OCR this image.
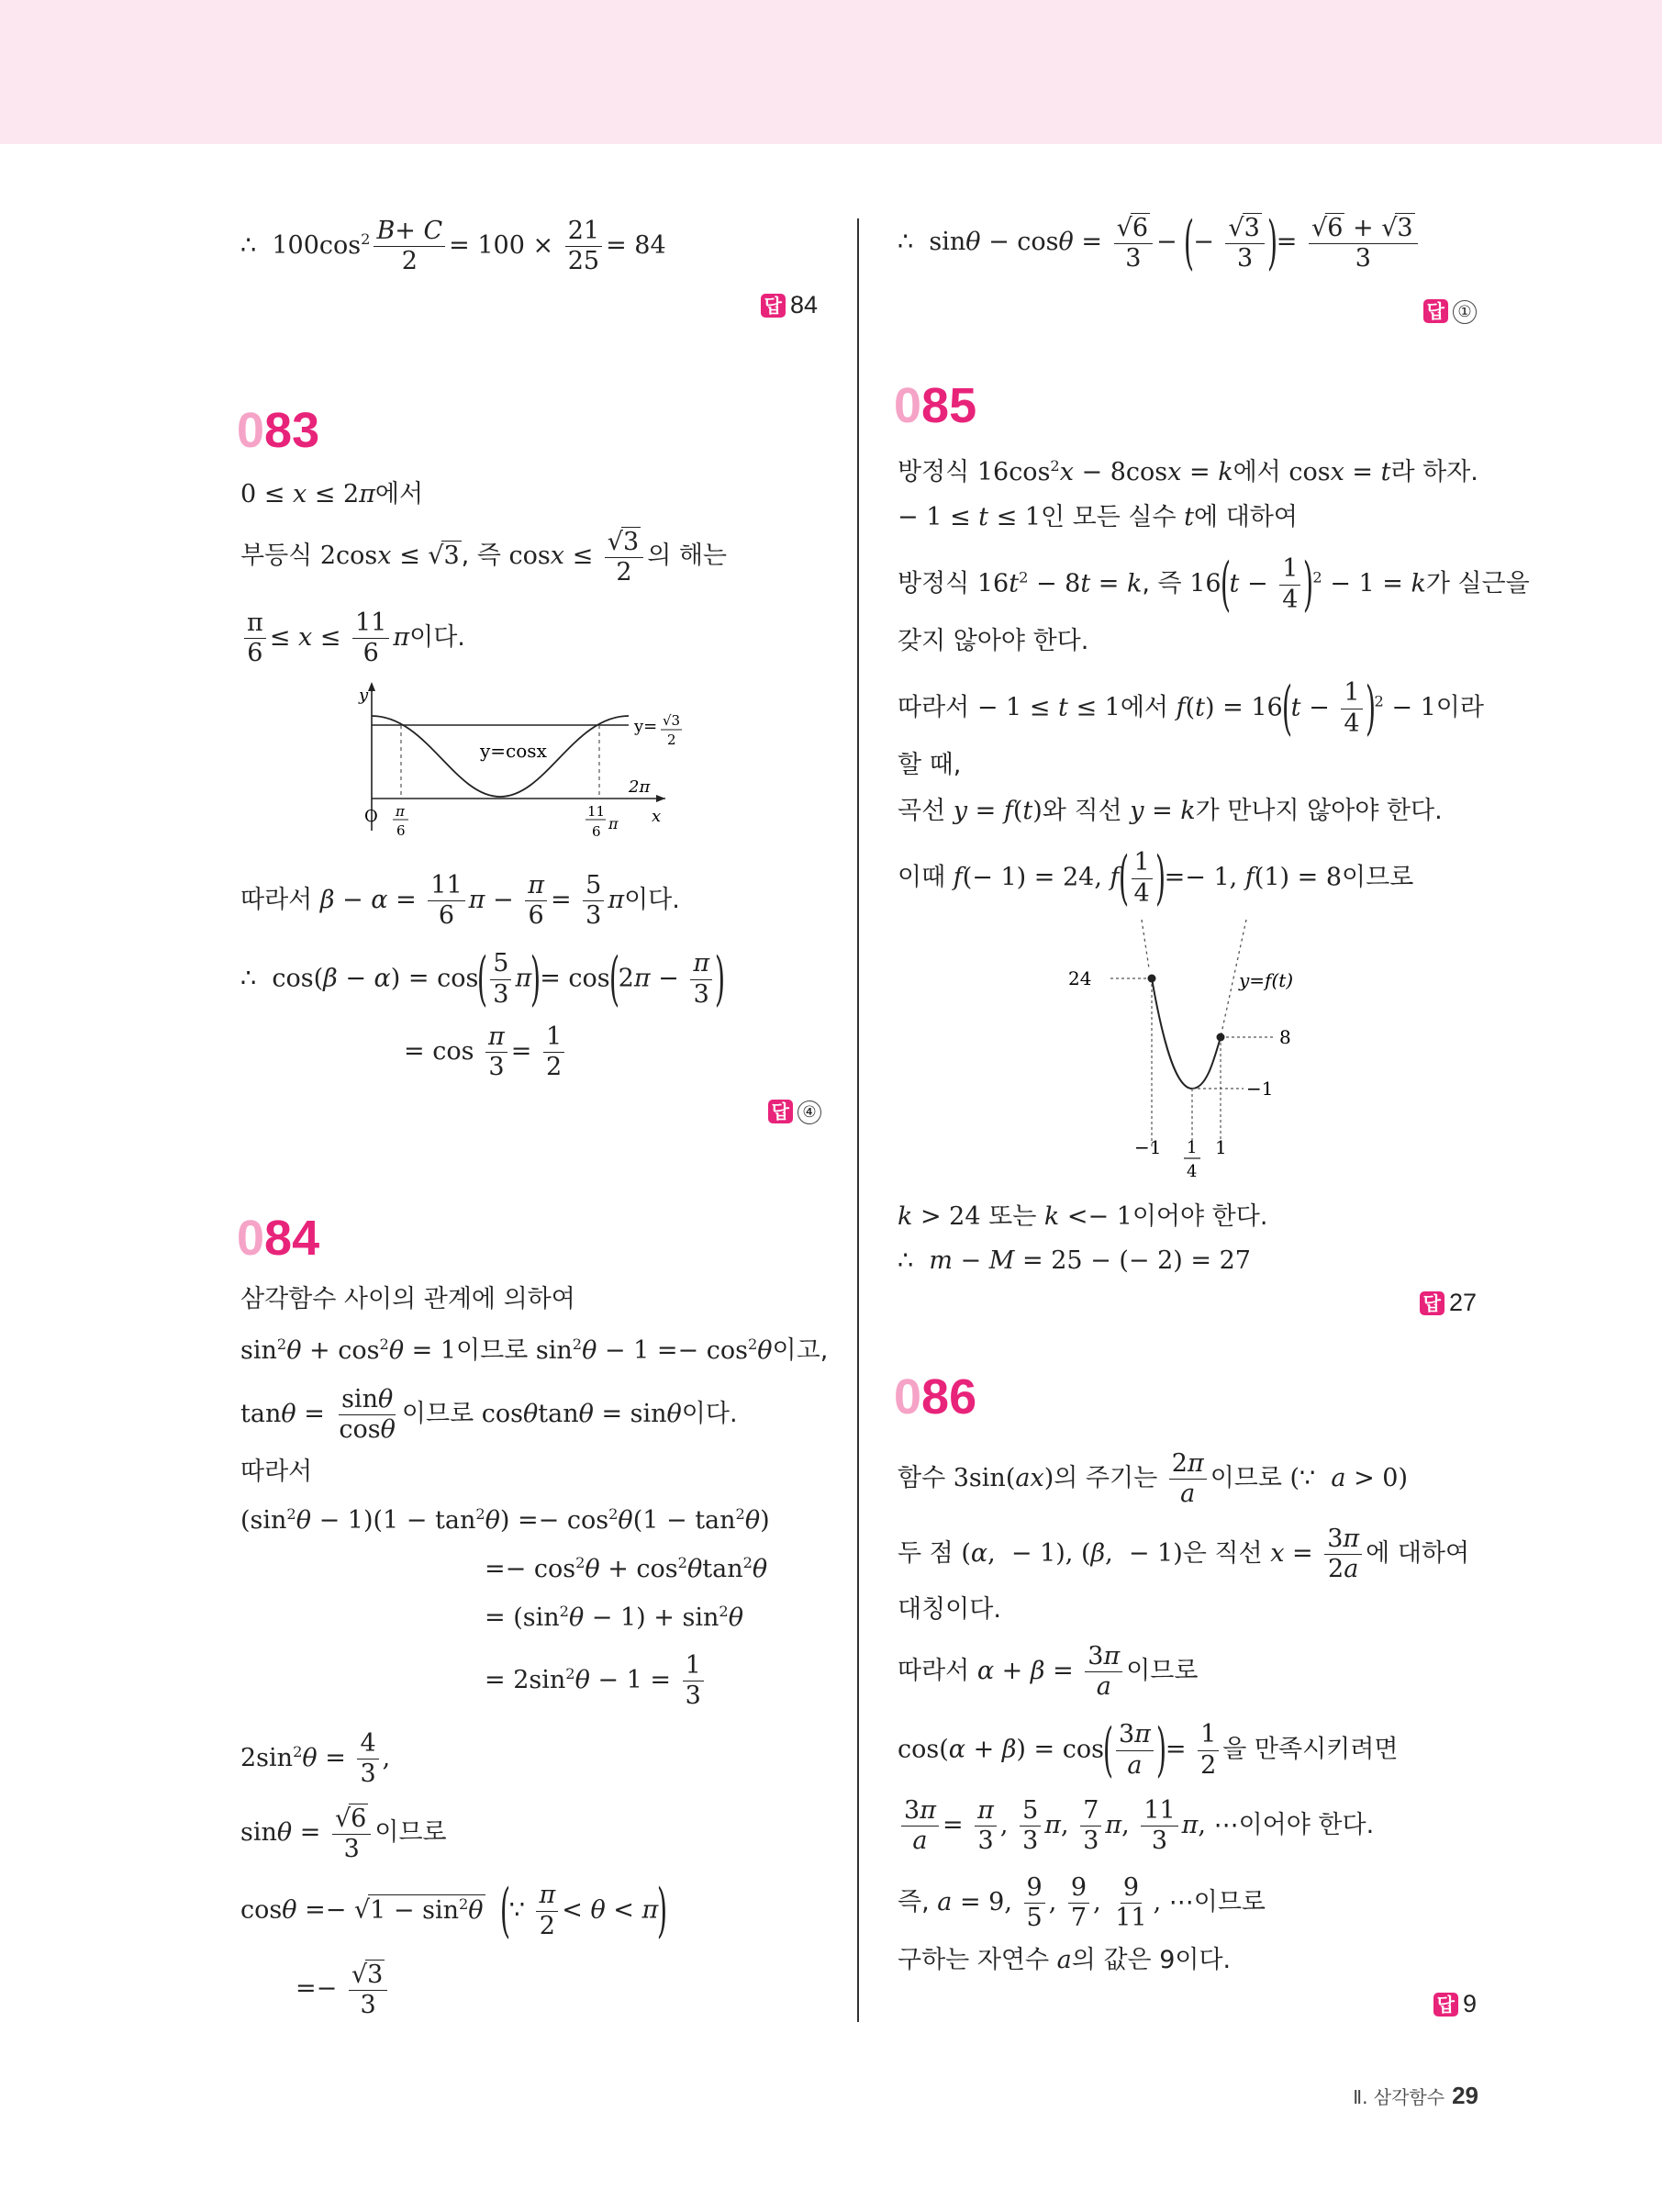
∴  $100\cos^2 \frac{B+ C}{2} = 100 \times \frac{21}{25} = 84$
답 84
083
0 ≤ x ≤ 2π에서
부등식 2cosx ≤ √3, 즉 $\cos x \le \frac{√3}{2}$ 의 해는
$\frac{\pi}{6} \le x \le \frac{11}{6}$ π이다.
y
x
O
2π
y=cosx
y= √3
2
π
6
11
6 π
따라서 $\beta - \alpha = \frac{11}{6}$ $\pi - \frac{\pi}{6} = \frac{5}{3}$ π이다.
∴  $\cos(\beta - \alpha) = \cos( \frac{5}{3} \pi)= \cos(2\pi - \frac{\pi}{3}$ )
= $\cos \frac{\pi}{3} = \frac{1}{2}$
답 ④
084
삼각함수 사이의 관계에 의하여
$\sin^2\theta + \cos^2\theta = 1$이므로 $\sin^2\theta - 1 =- \cos^2\theta$이고,
$\tan\theta = \frac{\sin\theta}{\cos\theta}$ 이므로 cosθtanθ = sinθ이다.
따라서
$(\sin^2\theta - 1)(1 - \tan^2\theta) =- \cos^2\theta(1 - \tan^2\theta)$
=− $\cos^2\theta + \cos^2\theta\tan^2\theta$
= $(\sin^2\theta - 1) + \sin^2\theta$
= $2\sin^2\theta - 1 = \frac{1}{3}$
$2\sin^2\theta = \frac{4}{3}$ ,
$\sin\theta = \frac{√6}{3}$ 이므로
$\cos\theta =- √1 - \sin^2\theta$ (∵ $\frac{\pi}{2} < \theta < \pi$)
=− $\frac{√3}{3}$
∴  $\sin\theta - \cos\theta = \frac{√6}{3}$ − (− $\frac{√3}{3}$ )= $\frac{√6 + √3}{3}$
답 ①
085
방정식 $16\cos^2x - 8\cos x = k$에서 cosx = t라 하자.
− 1 ≤ t ≤ 1인 모든 실수 t에 대하여
방정식 $16t^2 - 8t = k$, 즉 $16(t - \frac{1}{4} )^2 - 1 = k$가 실근을
갖지 않아야 한다.
따라서 − 1 ≤ t ≤ 1에서 $f(t) = 16(t - \frac{1}{4} )^2 - 1$이라
할 때,
곡선 y = f(t)와 직선 y = k가 만나지 않아야 한다.
이때 f(− 1) = 24, $f( \frac{1}{4}$ )=− 1, f(1) = 8이므로
24	y=f(t)
8
−1
−1	1
1
4
k > 24 또는 k <− 1이어야 한다.
∴  m − M = 25 − (− 2) = 27
답 27
086
함수 3sin(ax)의 주기는 $\frac{2\pi}{a}$ 이므로 (∵  a > 0)
두 점 (α,  − 1), (β,  − 1)은 직선 $x = \frac{3\pi}{2a}$ 에 대하여
대칭이다.
따라서 $\alpha + \beta = \frac{3\pi}{a}$ 이므로
$\cos(\alpha + \beta) = \cos( \frac{3\pi}{a}$ )= $\frac{1}{2}$ 을 만족시키려면
$\frac{3\pi}{a} = \frac{\pi}{3}$ , $\frac{5}{3} \pi$, $\frac{7}{3} \pi$, $\frac{11}{3} \pi$, ⋯이어야 한다.
즉, a = 9, $\frac{9}{5}$ , $\frac{9}{7}$ , $\frac{9}{11}$ , ⋯이므로
구하는 자연수 a의 값은 9이다.
답 9
Ⅱ. 삼각함수 29
